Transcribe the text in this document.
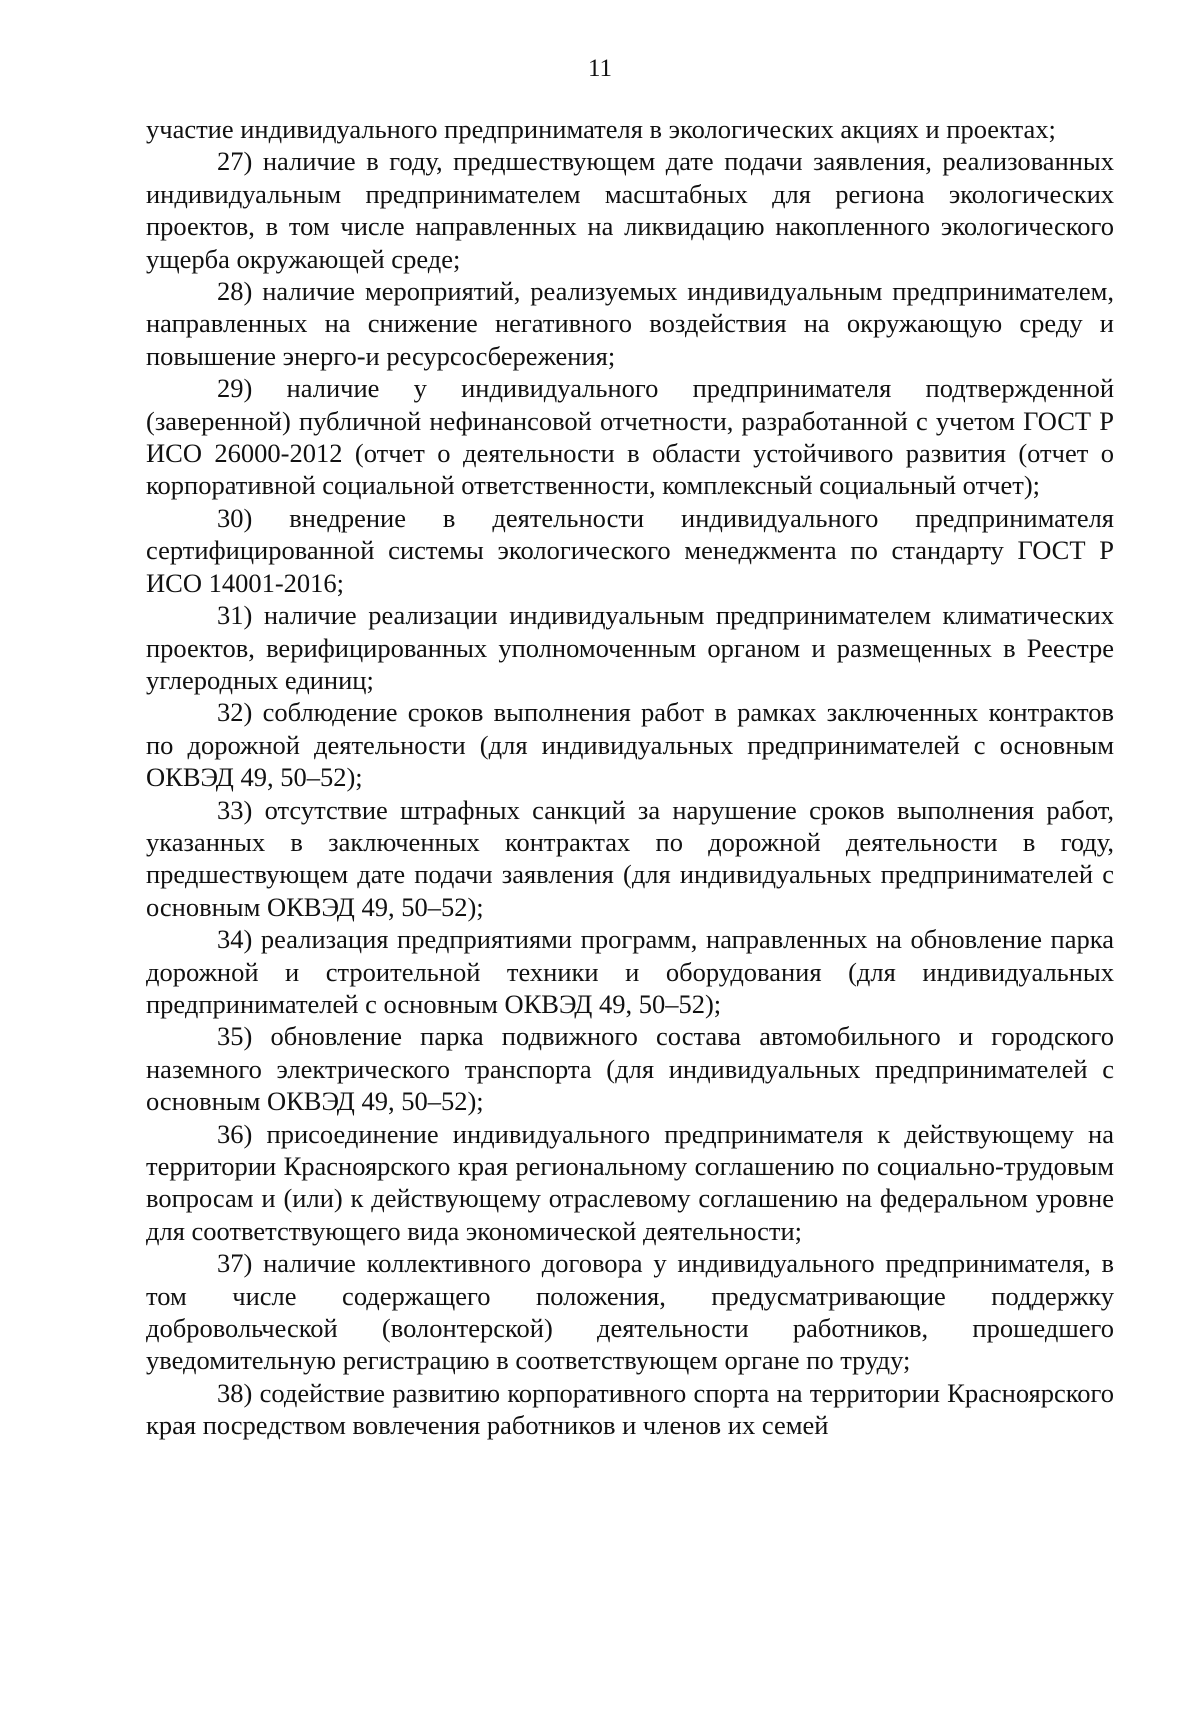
11

участие индивидуального предпринимателя в экологических акциях и проектах;

27) наличие в году, предшествующем дате подачи заявления, реализованных индивидуальным предпринимателем масштабных для региона экологических проектов, в том числе направленных на ликвидацию накопленного экологического ущерба окружающей среде;

28) наличие мероприятий, реализуемых индивидуальным предпринимателем, направленных на снижение негативного воздействия на окружающую среду и повышение энерго-и ресурсосбережения;

29) наличие у индивидуального предпринимателя подтвержденной (заверенной) публичной нефинансовой отчетности, разработанной с учетом ГОСТ Р ИСО 26000-2012 (отчет о деятельности в области устойчивого развития (отчет о корпоративной социальной ответственности, комплексный социальный отчет);

30) внедрение в деятельности индивидуального предпринимателя сертифицированной системы экологического менеджмента по стандарту ГОСТ Р ИСО 14001-2016;

31) наличие реализации индивидуальным предпринимателем климатических проектов, верифицированных уполномоченным органом и размещенных в Реестре углеродных единиц;

32) соблюдение сроков выполнения работ в рамках заключенных контрактов по дорожной деятельности (для индивидуальных предпринимателей с основным ОКВЭД 49, 50–52);

33) отсутствие штрафных санкций за нарушение сроков выполнения работ, указанных в заключенных контрактах по дорожной деятельности в году, предшествующем дате подачи заявления (для индивидуальных предпринимателей с основным ОКВЭД 49, 50–52);

34) реализация предприятиями программ, направленных на обновление парка дорожной и строительной техники и оборудования (для индивидуальных предпринимателей с основным ОКВЭД 49, 50–52);

35) обновление парка подвижного состава автомобильного и городского наземного электрического транспорта (для индивидуальных предпринимателей с основным ОКВЭД 49, 50–52);

36) присоединение индивидуального предпринимателя к действующему на территории Красноярского края региональному соглашению по социально-трудовым вопросам и (или) к действующему отраслевому соглашению на федеральном уровне для соответствующего вида экономической деятельности;

37) наличие коллективного договора у индивидуального предпринимателя, в том числе содержащего положения, предусматривающие поддержку добровольческой (волонтерской) деятельности работников, прошедшего уведомительную регистрацию в соответствующем органе по труду;

38) содействие развитию корпоративного спорта на территории Красноярского края посредством вовлечения работников и членов их семей
